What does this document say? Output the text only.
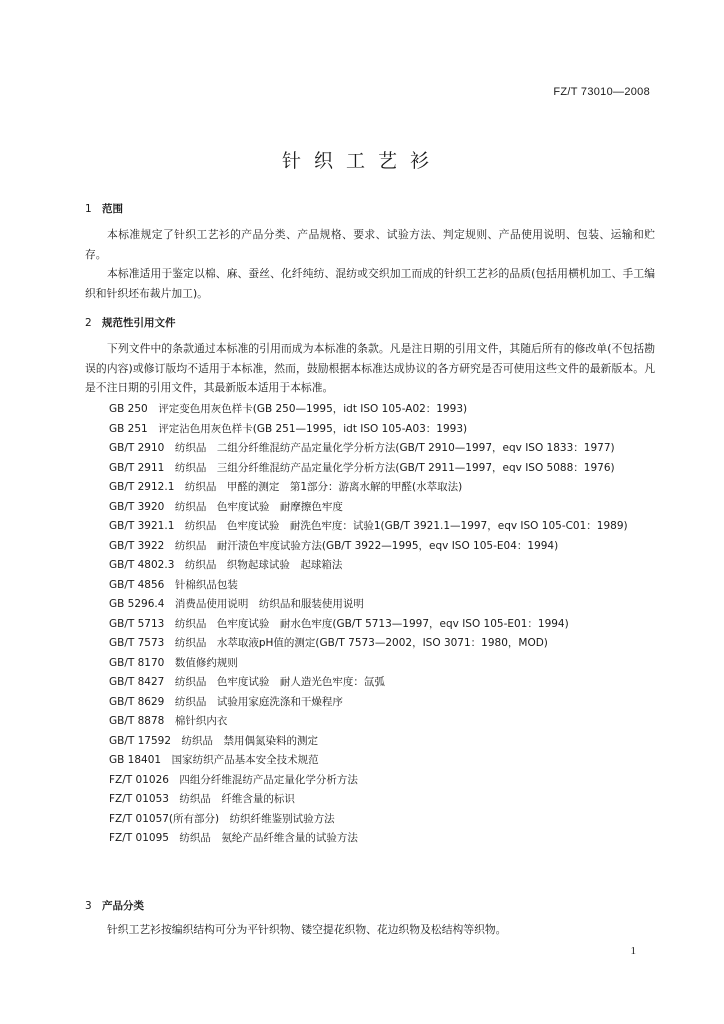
FZ/T 73010—2008
针织工艺衫
1 范围
本标准规定了针织工艺衫的产品分类、产品规格、要求、试验方法、判定规则、产品使用说明、包装、运输和贮存。
本标准适用于鉴定以棉、麻、蚕丝、化纤纯纺、混纺或交织加工而成的针织工艺衫的品质(包括用横机加工、手工编织和针织坯布裁片加工)。
2 规范性引用文件
下列文件中的条款通过本标准的引用而成为本标准的条款。凡是注日期的引用文件，其随后所有的修改单(不包括勘误的内容)或修订版均不适用于本标准，然而，鼓励根据本标准达成协议的各方研究是否可使用这些文件的最新版本。凡是不注日期的引用文件，其最新版本适用于本标准。
GB 250　评定变色用灰色样卡(GB 250—1995，idt ISO 105-A02：1993)
GB 251　评定沾色用灰色样卡(GB 251—1995，idt ISO 105-A03：1993)
GB/T 2910　纺织品　二组分纤维混纺产品定量化学分析方法(GB/T 2910—1997，eqv ISO 1833：1977)
GB/T 2911　纺织品　三组分纤维混纺产品定量化学分析方法(GB/T 2911—1997，eqv ISO 5088：1976)
GB/T 2912.1　纺织品　甲醛的测定　第1部分：游离水解的甲醛(水萃取法)
GB/T 3920　纺织品　色牢度试验　耐摩擦色牢度
GB/T 3921.1　纺织品　色牢度试验　耐洗色牢度：试验1(GB/T 3921.1—1997，eqv ISO 105-C01：1989)
GB/T 3922　纺织品　耐汗渍色牢度试验方法(GB/T 3922—1995，eqv ISO 105-E04：1994)
GB/T 4802.3　纺织品　织物起球试验　起球箱法
GB/T 4856　针棉织品包装
GB 5296.4　消费品使用说明　纺织品和服装使用说明
GB/T 5713　纺织品　色牢度试验　耐水色牢度(GB/T 5713—1997，eqv ISO 105-E01：1994)
GB/T 7573　纺织品　水萃取液pH值的测定(GB/T 7573—2002，ISO 3071：1980，MOD)
GB/T 8170　数值修约规则
GB/T 8427　纺织品　色牢度试验　耐人造光色牢度：氙弧
GB/T 8629　纺织品　试验用家庭洗涤和干燥程序
GB/T 8878　棉针织内衣
GB/T 17592　纺织品　禁用偶氮染料的测定
GB 18401　国家纺织产品基本安全技术规范
FZ/T 01026　四组分纤维混纺产品定量化学分析方法
FZ/T 01053　纺织品　纤维含量的标识
FZ/T 01057(所有部分)　纺织纤维鉴别试验方法
FZ/T 01095　纺织品　氨纶产品纤维含量的试验方法
3 产品分类
针织工艺衫按编织结构可分为平针织物、镂空提花织物、花边织物及松结构等织物。
1
